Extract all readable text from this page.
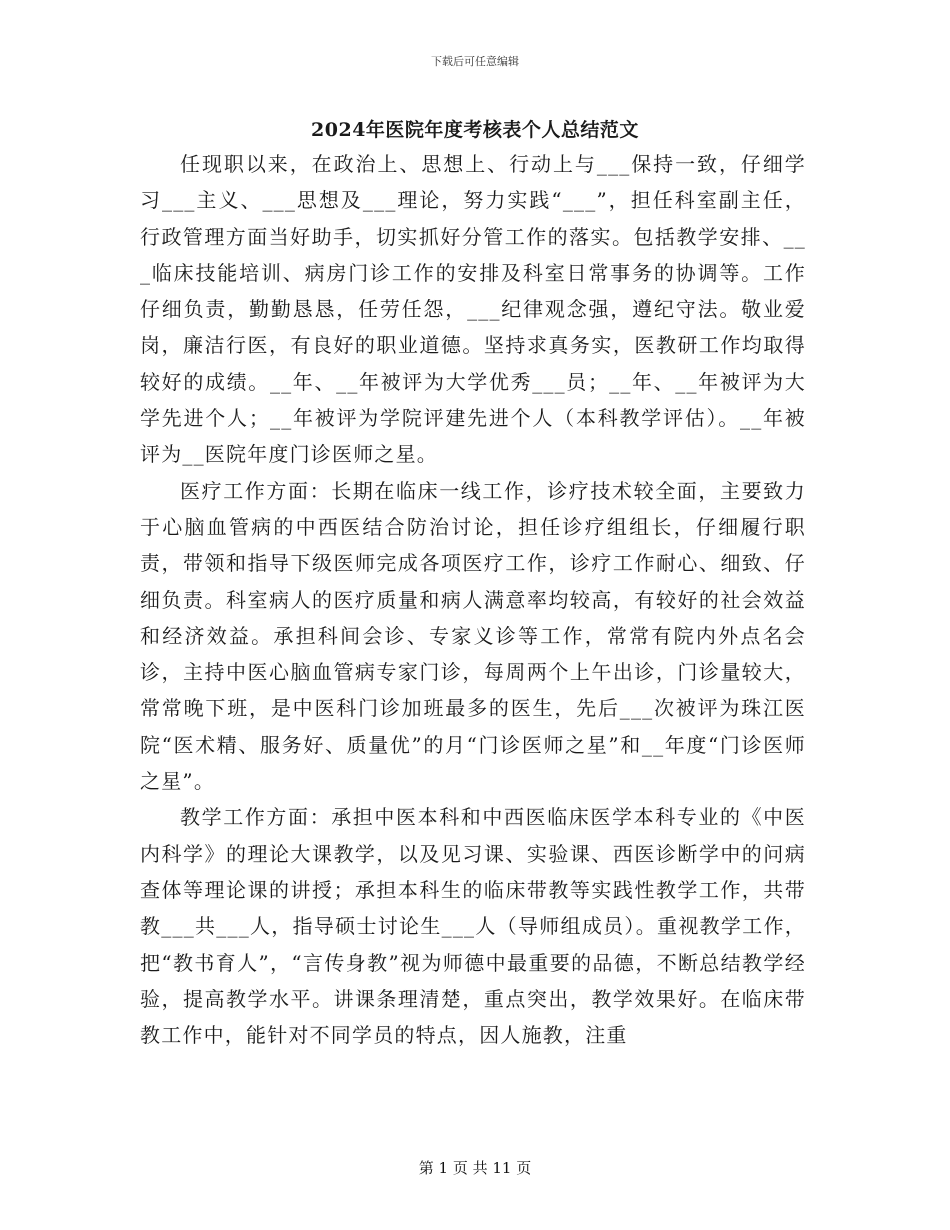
下载后可任意编辑
2024年医院年度考核表个人总结范文

任现职以来，在政治上、思想上、行动上与___保持一致，仔细学习___主义、___思想及___理论，努力实践“___”，担任科室副主任，行政管理方面当好助手，切实抓好分管工作的落实。包括教学安排、___临床技能培训、病房门诊工作的安排及科室日常事务的协调等。工作仔细负责，勤勤恳恳，任劳任怨，___纪律观念强，遵纪守法。敬业爱岗，廉洁行医，有良好的职业道德。坚持求真务实，医教研工作均取得较好的成绩。__年、__年被评为大学优秀___员；__年、__年被评为大学先进个人；__年被评为学院评建先进个人（本科教学评估）。__年被评为__医院年度门诊医师之星。

医疗工作方面：长期在临床一线工作，诊疗技术较全面，主要致力于心脑血管病的中西医结合防治讨论，担任诊疗组组长，仔细履行职责，带领和指导下级医师完成各项医疗工作，诊疗工作耐心、细致、仔细负责。科室病人的医疗质量和病人满意率均较高，有较好的社会效益和经济效益。承担科间会诊、专家义诊等工作，常常有院内外点名会诊，主持中医心脑血管病专家门诊，每周两个上午出诊，门诊量较大，常常晚下班，是中医科门诊加班最多的医生，先后___次被评为珠江医院“医术精、服务好、质量优”的月“门诊医师之星”和__年度“门诊医师之星”。

教学工作方面：承担中医本科和中西医临床医学本科专业的《中医内科学》的理论大课教学，以及见习课、实验课、西医诊断学中的问病查体等理论课的讲授；承担本科生的临床带教等实践性教学工作，共带教___共___人，指导硕士讨论生___人（导师组成员）。重视教学工作，把“教书育人”，“言传身教”视为师德中最重要的品德，不断总结教学经验，提高教学水平。讲课条理清楚，重点突出，教学效果好。在临床带教工作中，能针对不同学员的特点，因人施教，注重

第 1 页 共 11 页
